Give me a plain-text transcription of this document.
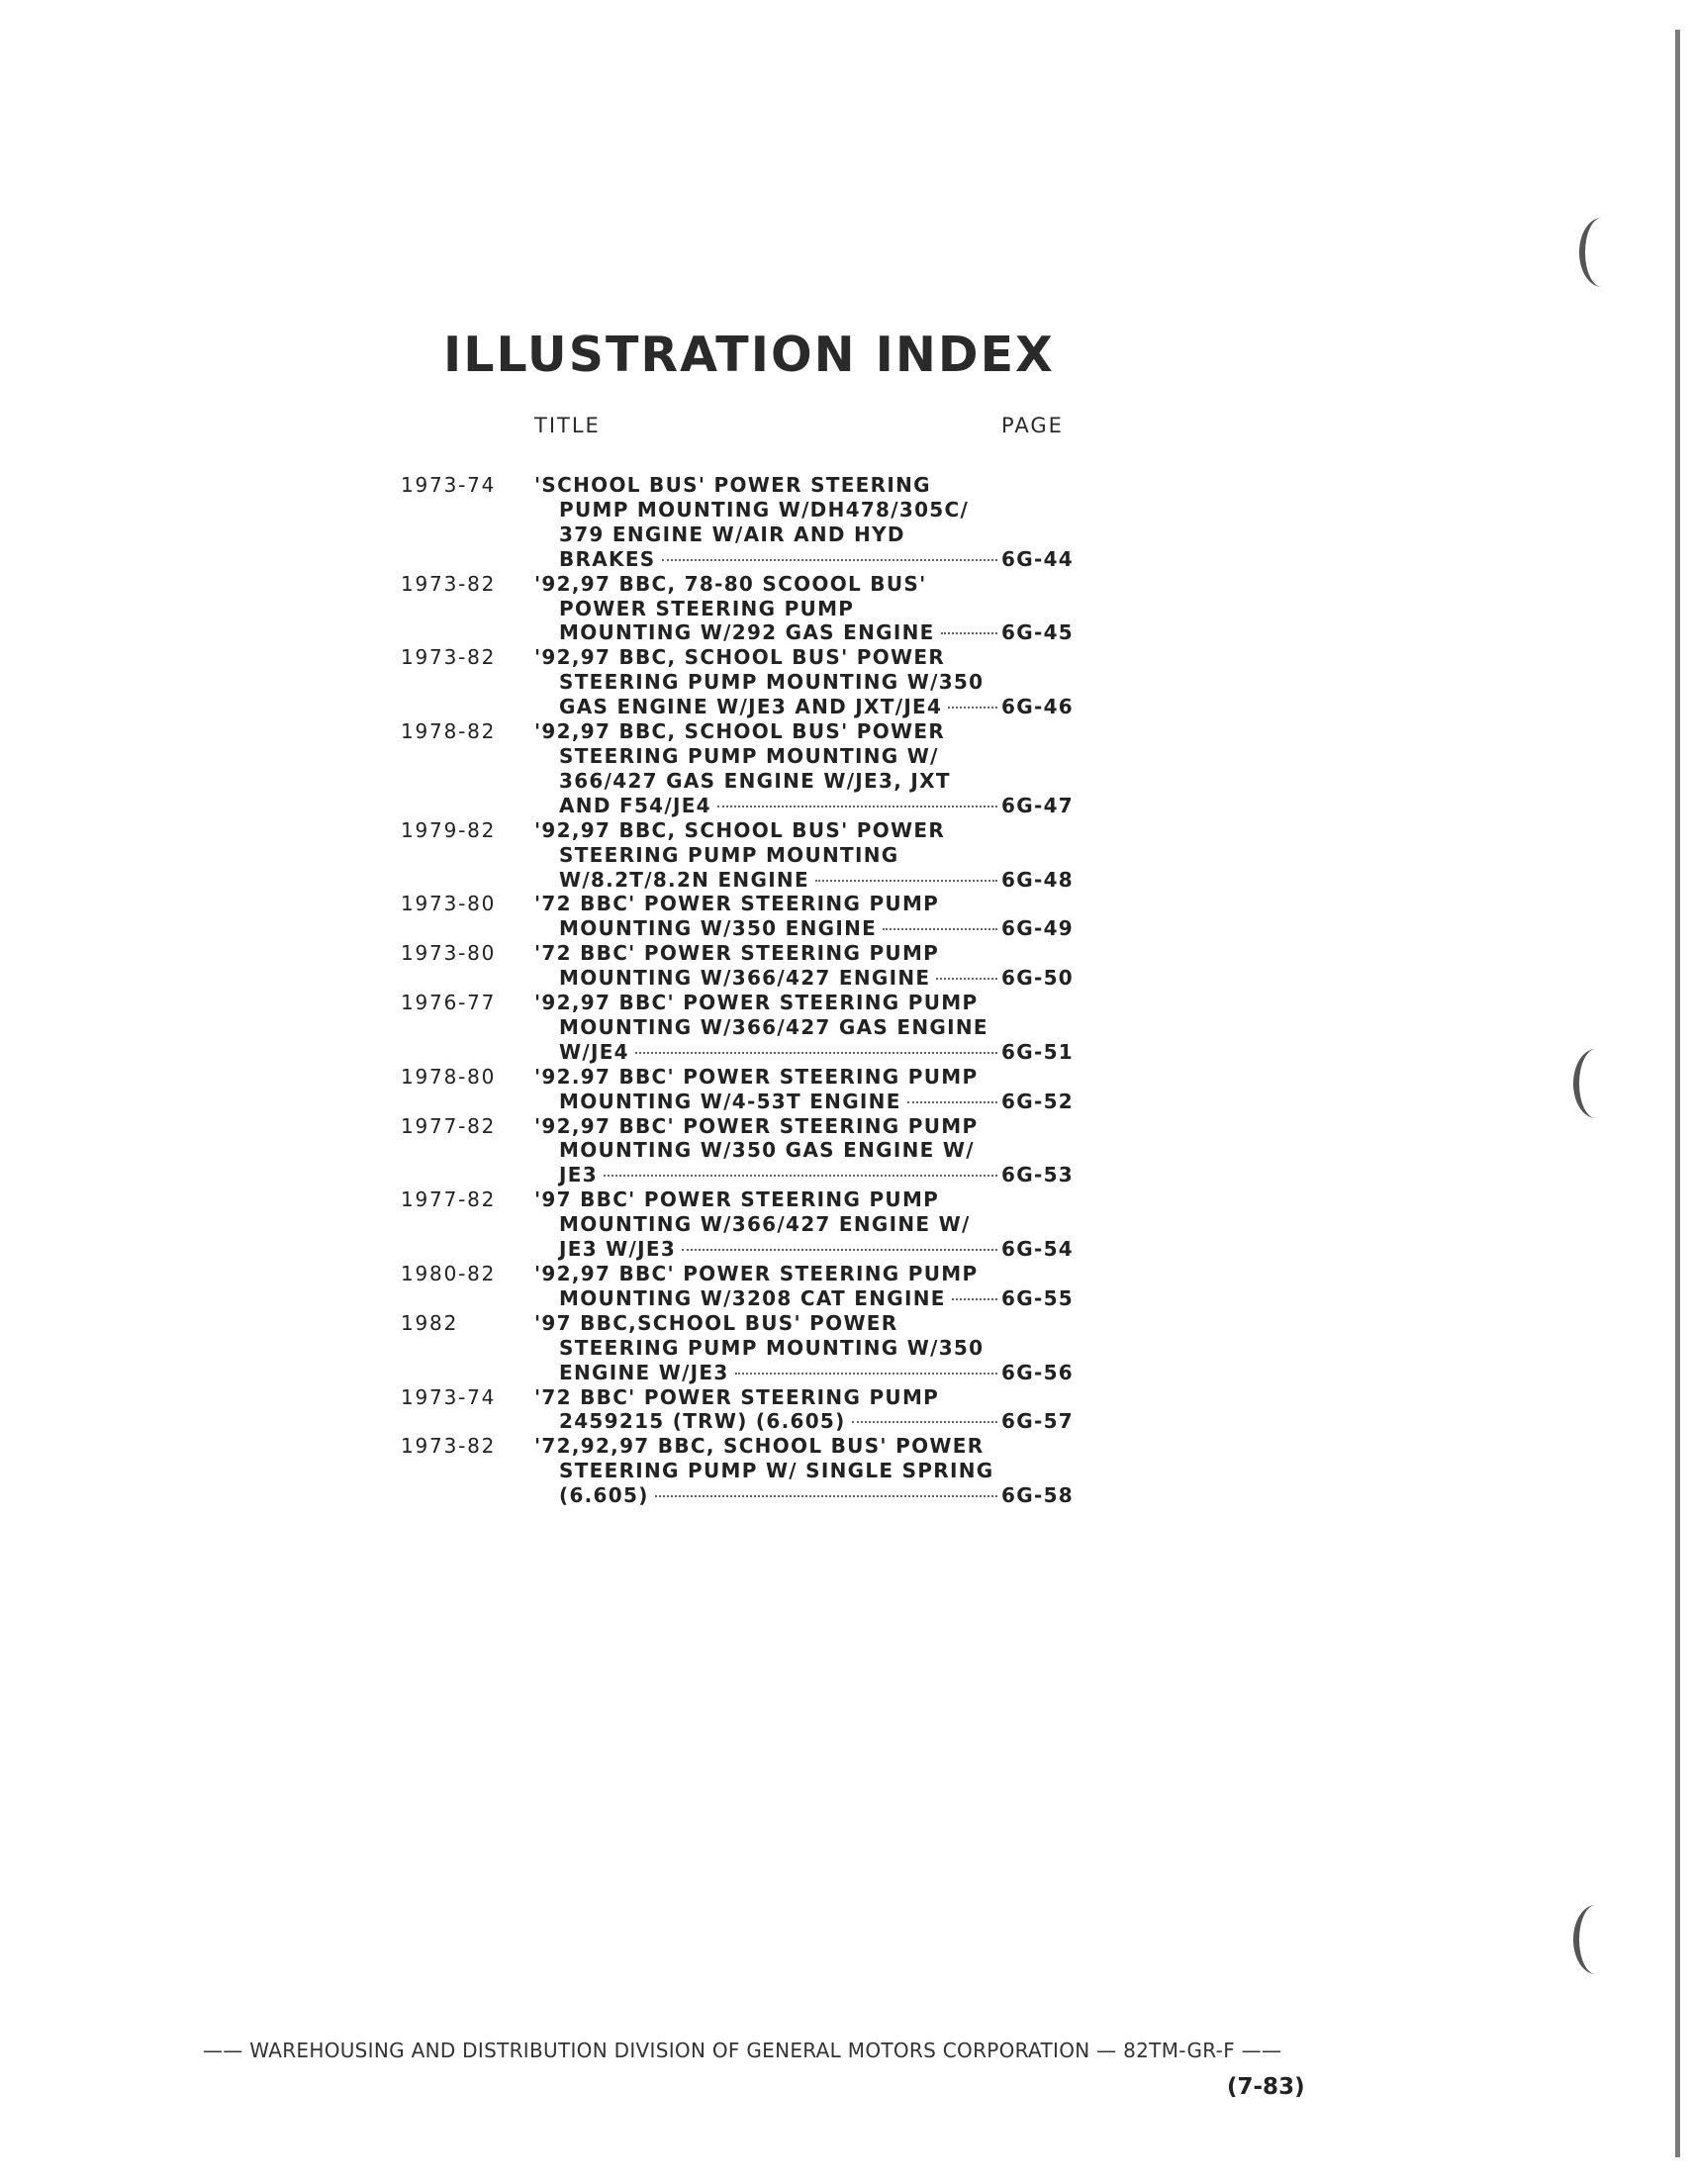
ILLUSTRATION INDEX
TITLE	PAGE
1973-74	'SCHOOL BUS' POWER STEERING
PUMP MOUNTING W/DH478/305C/
379 ENGINE W/AIR AND HYD
BRAKES	6G-44
1973-82	'92,97 BBC, 78-80 SCOOOL BUS'
POWER STEERING PUMP
MOUNTING W/292 GAS ENGINE	6G-45
1973-82	'92,97 BBC, SCHOOL BUS' POWER
STEERING PUMP MOUNTING W/350
GAS ENGINE W/JE3 AND JXT/JE4	6G-46
1978-82	'92,97 BBC, SCHOOL BUS' POWER
STEERING PUMP MOUNTING W/
366/427 GAS ENGINE W/JE3, JXT
AND F54/JE4	6G-47
1979-82	'92,97 BBC, SCHOOL BUS' POWER
STEERING PUMP MOUNTING
W/8.2T/8.2N ENGINE	6G-48
1973-80	'72 BBC' POWER STEERING PUMP
MOUNTING W/350 ENGINE	6G-49
1973-80	'72 BBC' POWER STEERING PUMP
MOUNTING W/366/427 ENGINE	6G-50
1976-77	'92,97 BBC' POWER STEERING PUMP
MOUNTING W/366/427 GAS ENGINE
W/JE4	6G-51
1978-80	'92.97 BBC' POWER STEERING PUMP
MOUNTING W/4-53T ENGINE	6G-52
1977-82	'92,97 BBC' POWER STEERING PUMP
MOUNTING W/350 GAS ENGINE W/
JE3	6G-53
1977-82	'97 BBC' POWER STEERING PUMP
MOUNTING W/366/427 ENGINE W/
JE3 W/JE3	6G-54
1980-82	'92,97 BBC' POWER STEERING PUMP
MOUNTING W/3208 CAT ENGINE	6G-55
1982	'97 BBC,SCHOOL BUS' POWER
STEERING PUMP MOUNTING W/350
ENGINE W/JE3	6G-56
1973-74	'72 BBC' POWER STEERING PUMP
2459215 (TRW) (6.605)	6G-57
1973-82	'72,92,97 BBC, SCHOOL BUS' POWER
STEERING PUMP W/ SINGLE SPRING
(6.605)	6G-58
—— WAREHOUSING AND DISTRIBUTION DIVISION OF GENERAL MOTORS CORPORATION — 82TM-GR-F ——
(7-83)
